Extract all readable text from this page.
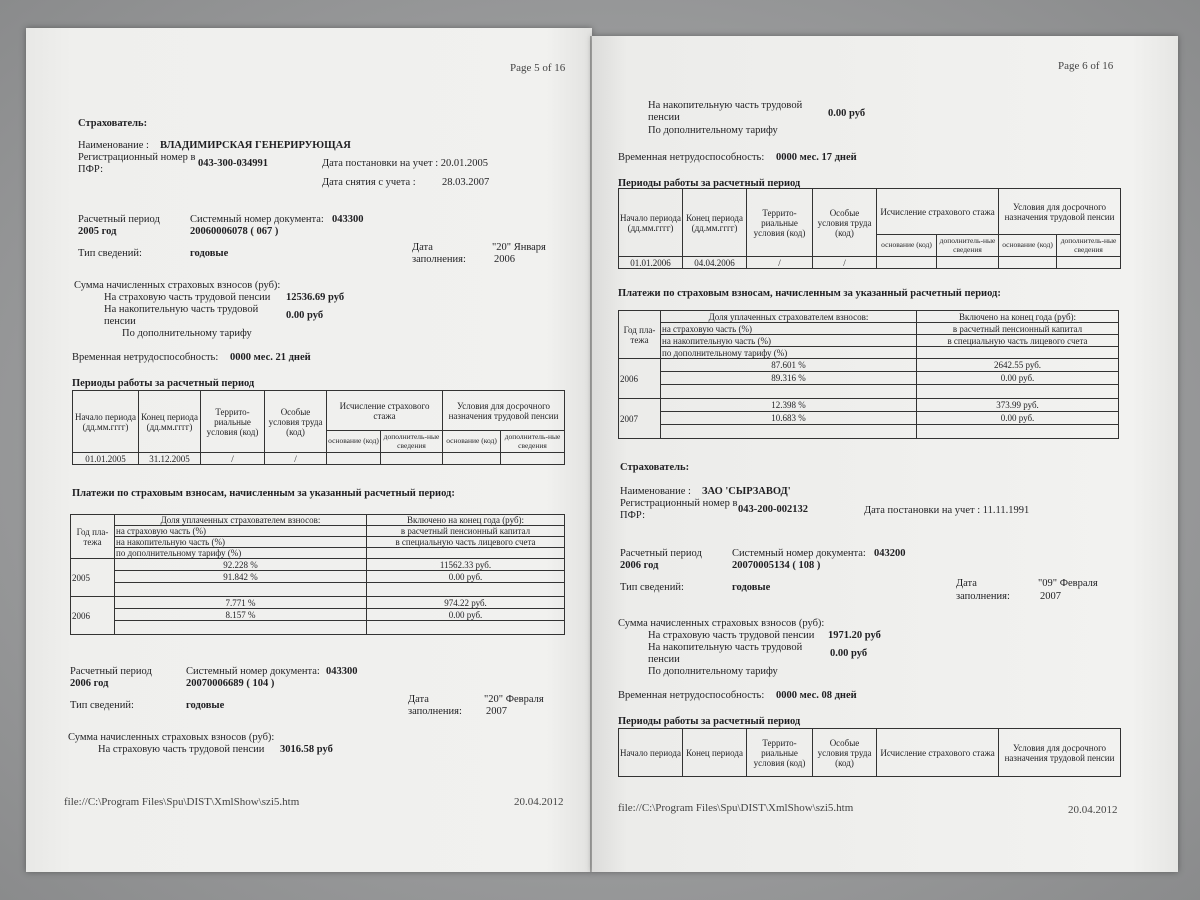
Page 5 of 16
Страхователь:
Наименование : ВЛАДИМИРСКАЯ ГЕНЕРИРУЮЩАЯ
Регистрационный номер в
ПФР:
043-300-034991	Дата постановки на учет : 20.01.2005
Дата снятия с учета :	28.03.2007
Расчетный период
2005 год
Системный номер документа: 043300
20060006078 ( 067 )
Тип сведений:	годовые
Дата
заполнения:
"20" Января
2006
Сумма начисленных страховых взносов (руб):
На страховую часть трудовой пенсии 12536.69 руб
На накопительную часть трудовой
пенсии
0.00 руб
По дополнительному тарифу
Временная нетрудоспособность: 0000 мес. 21 дней
Периоды работы за расчетный период
Начало периода
(дд.мм.гггг)	Конец периода
(дд.мм.гггг)	Террито-риальные условия (код)	Особые условия труда (код)	Исчисление страхового стажа		Условия для досрочного назначения трудовой пенсии	
				основание (код)	дополнитель-ные сведения	основание (код)	дополнитель-ные сведения
01.01.2005	31.12.2005	/	/				
Платежи по страховым взносам, начисленным за указанный расчетный период:
Год пла-тежа	Доля уплаченных страхователем взносов:	Включено на конец года (руб):
	на страховую часть (%)	в расчетный пенсионный капитал
	на накопительную часть (%)	в специальную часть лицевого счета
	по дополнительному тарифу (%)	
2005	92.228 %	11562.33 руб.
	91.842 %	0.00 руб.

2006	7.771 %	974.22 руб.
	8.157 %	0.00 руб.

Расчетный период
2006 год
Системный номер документа: 043300
20070006689 ( 104 )
Тип сведений:	годовые
Дата
заполнения:
"20" Февраля
2007
Сумма начисленных страховых взносов (руб):
На страховую часть трудовой пенсии 3016.58 руб
file://C:\Program Files\Spu\DIST\XmlShow\szi5.htm	20.04.2012
Page 6 of 16
На накопительную часть трудовой
пенсии	0.00 руб
По дополнительному тарифу
Временная нетрудоспособность: 0000 мес. 17 дней
Периоды работы за расчетный период
Начало периода
(дд.мм.гггг)	Конец периода
(дд.мм.гггг)	Террито-риальные условия (код)	Особые условия труда (код)	Исчисление страхового стажа		Условия для досрочного назначения трудовой пенсии	
				основание (код)	дополнитель-ные сведения	основание (код)	дополнитель-ные сведения
01.01.2006	04.04.2006	/	/				
Платежи по страховым взносам, начисленным за указанный расчетный период:
Год пла-тежа	Доля уплаченных страхователем взносов:	Включено на конец года (руб):
	на страховую часть (%)	в расчетный пенсионный капитал
	на накопительную часть (%)	в специальную часть лицевого счета
	по дополнительному тарифу (%)	
2006	87.601 %	2642.55 руб.
	89.316 %	0.00 руб.

2007	12.398 %	373.99 руб.
	10.683 %	0.00 руб.

Страхователь:
Наименование : ЗАО 'СЫРЗАВОД'
Регистрационный номер в
ПФР:
043-200-002132	Дата постановки на учет : 11.11.1991
Расчетный период
2006 год
Системный номер документа: 043200
20070005134 ( 108 )
Тип сведений:	годовые	Дата
заполнения:
"09" Февраля
2007
Сумма начисленных страховых взносов (руб):
На страховую часть трудовой пенсии 1971.20 руб
На накопительную часть трудовой
пенсии
0.00 руб
По дополнительному тарифу
Временная нетрудоспособность: 0000 мес. 08 дней
Периоды работы за расчетный период
Начало периода	Конец периода	Террито-риальные условия (код)	Особые условия труда (код)	Исчисление страхового стажа	Условия для досрочного назначения трудовой пенсии
file://C:\Program Files\Spu\DIST\XmlShow\szi5.htm	20.04.2012
